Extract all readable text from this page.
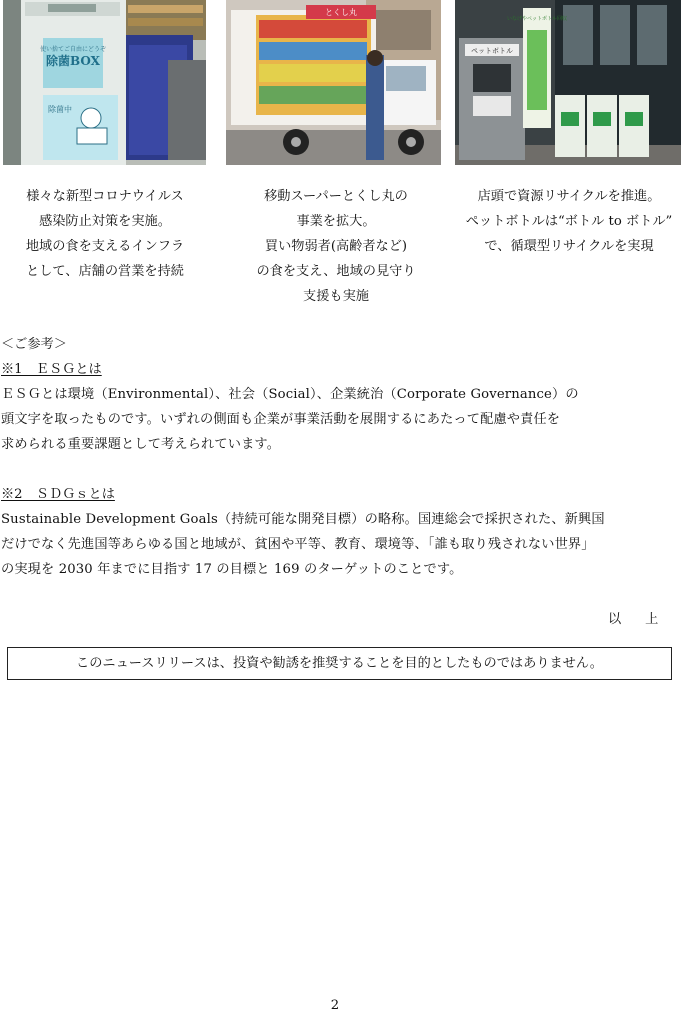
使い捨てご自由にどうぞ
除菌BOX
除菌中
とくし丸
ペットボトル
いなげやペットボトル回収
様々な新型コロナウイルス
感染防止対策を実施。
地域の食を支えるインフラ
として、店舗の営業を持続
移動スーパーとくし丸の
事業を拡大。
買い物弱者(高齢者など)
の食を支え、地域の見守り
支援も実施
店頭で資源リサイクルを推進。
ペットボトルは“ボトル to ボトル”
で、循環型リサイクルを実現
＜ご参考＞
※1　ＥＳＧとは
ＥＳＧとは環境（Environmental）、社会（Social）、企業統治（Corporate Governance）の
頭文字を取ったものです。いずれの側面も企業が事業活動を展開するにあたって配慮や責任を
求められる重要課題として考えられています。
※2　ＳＤＧｓとは
Sustainable Development Goals（持続可能な開発目標）の略称。国連総会で採択された、新興国
だけでなく先進国等あらゆる国と地域が、貧困や平等、教育、環境等、「誰も取り残されない世界」
の実現を 2030 年までに目指す 17 の目標と 169 のターゲットのことです。
以上
このニュースリリースは、投資や勧誘を推奨することを目的としたものではありません。
2
